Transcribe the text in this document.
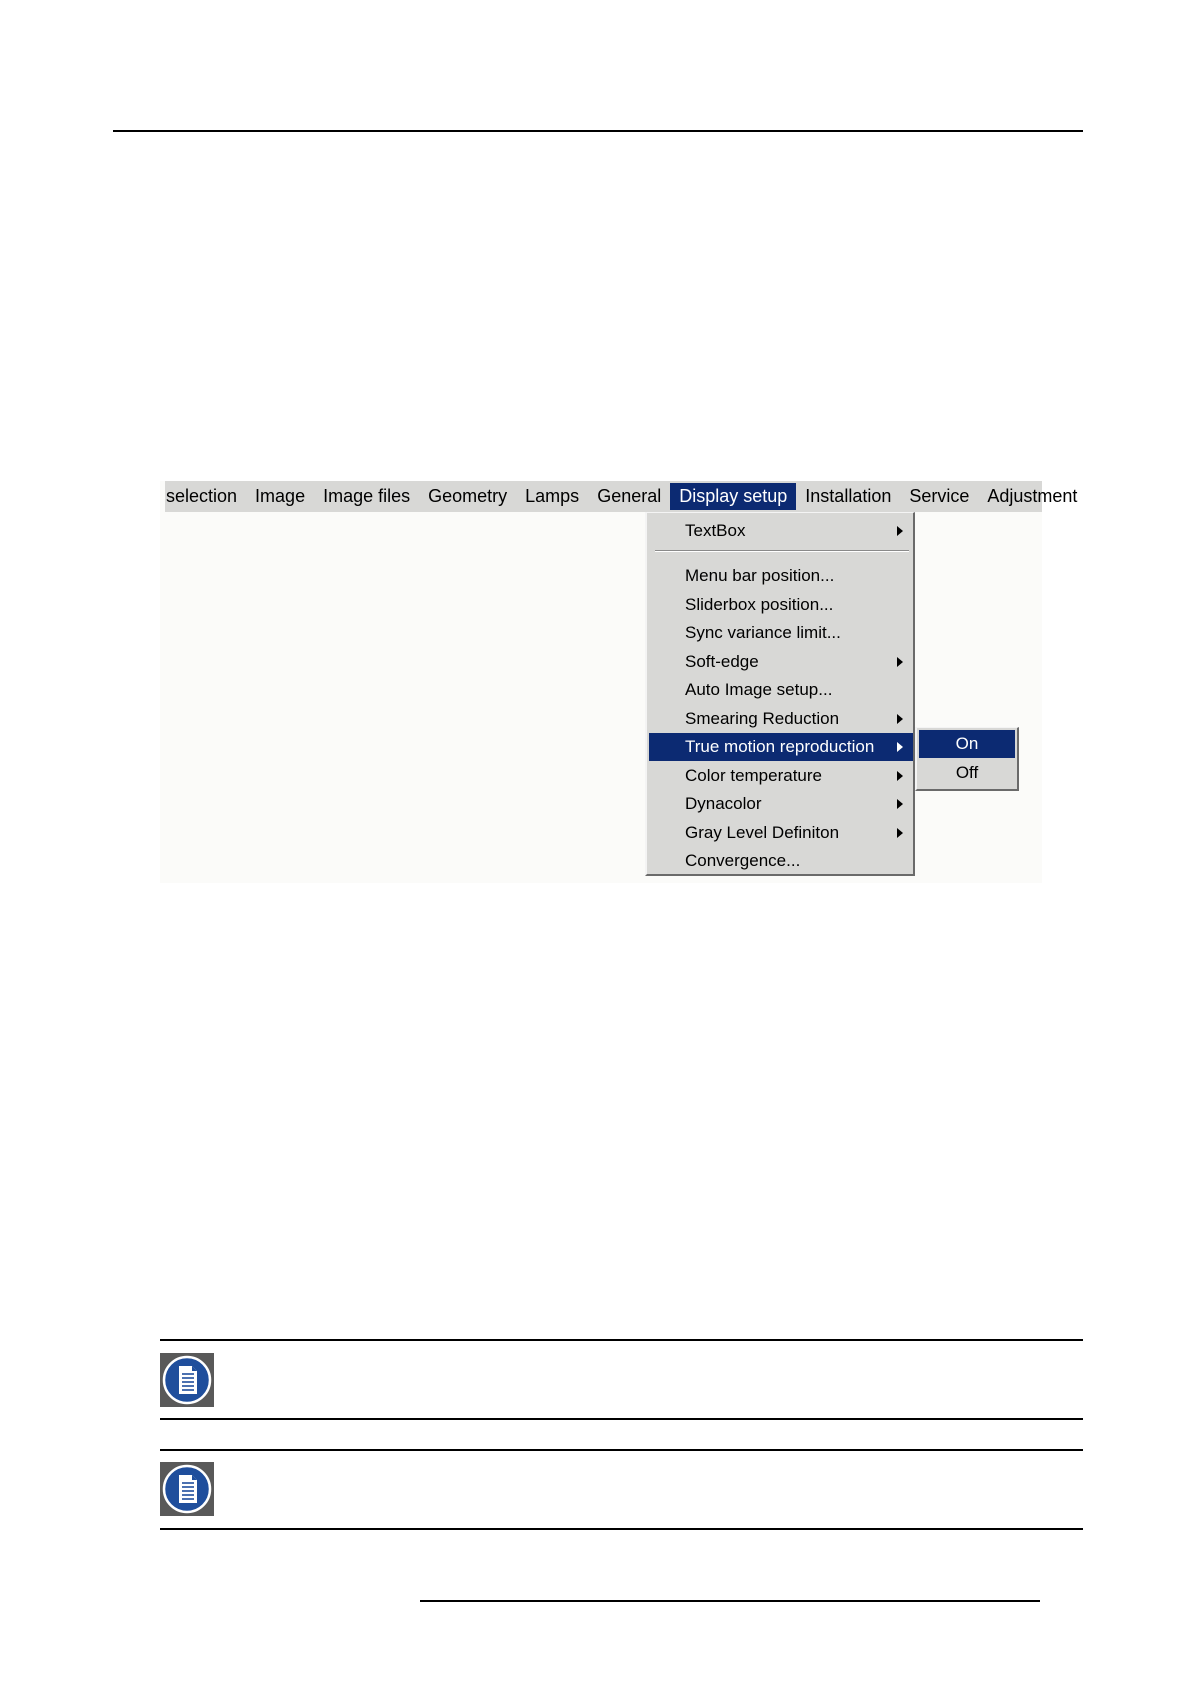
selection	Image	Image files	Geometry	Lamps	General	Display setup	Installation	Service	Adjustment
TextBox
Menu bar position...
Sliderbox position...
Sync variance limit...
Soft-edge
Auto Image setup...
Smearing Reduction
True motion reproduction
Color temperature
Dynacolor
Gray Level Definiton
Convergence...
On
Off
